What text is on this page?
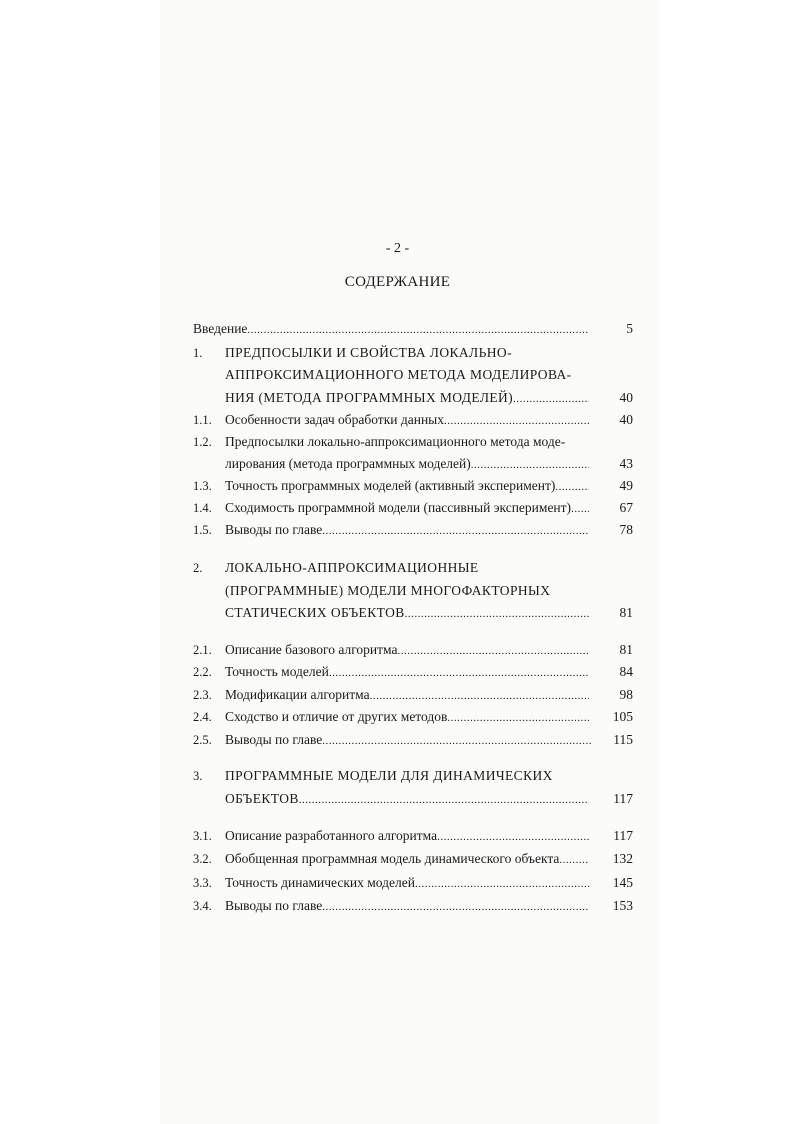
- 2 -
СОДЕРЖАНИЕ
Введение .....	5
1. ПРЕДПОСЫЛКИ И СВОЙСТВА ЛОКАЛЬНО-
АППРОКСИМАЦИОННОГО МЕТОДА МОДЕЛИРОВА-
НИЯ (МЕТОДА ПРОГРАММНЫХ МОДЕЛЕЙ) .....	40
1.1. Особенности задач обработки данных .....	40
1.2. Предпосылки локально-аппроксимационного метода моде-
лирования (метода программных моделей) .....	43
1.3. Точность программных моделей (активный эксперимент) .....	49
1.4. Сходимость программной модели (пассивный эксперимент) .....	67
1.5. Выводы по главе .....	78
2. ЛОКАЛЬНО-АППРОКСИМАЦИОННЫЕ
(ПРОГРАММНЫЕ) МОДЕЛИ МНОГОФАКТОРНЫХ
СТАТИЧЕСКИХ ОБЪЕКТОВ .....	81
2.1. Описание базового алгоритма .....	81
2.2. Точность моделей .....	84
2.3. Модификации алгоритма .....	98
2.4. Сходство и отличие от других методов .....	105
2.5. Выводы по главе .....	115
3. ПРОГРАММНЫЕ МОДЕЛИ ДЛЯ ДИНАМИЧЕСКИХ
ОБЪЕКТОВ .....	117
3.1. Описание разработанного алгоритма .....	117
3.2. Обобщенная программная модель динамического объекта .....	132
3.3. Точность динамических моделей .....	145
3.4. Выводы по главе .....	153
